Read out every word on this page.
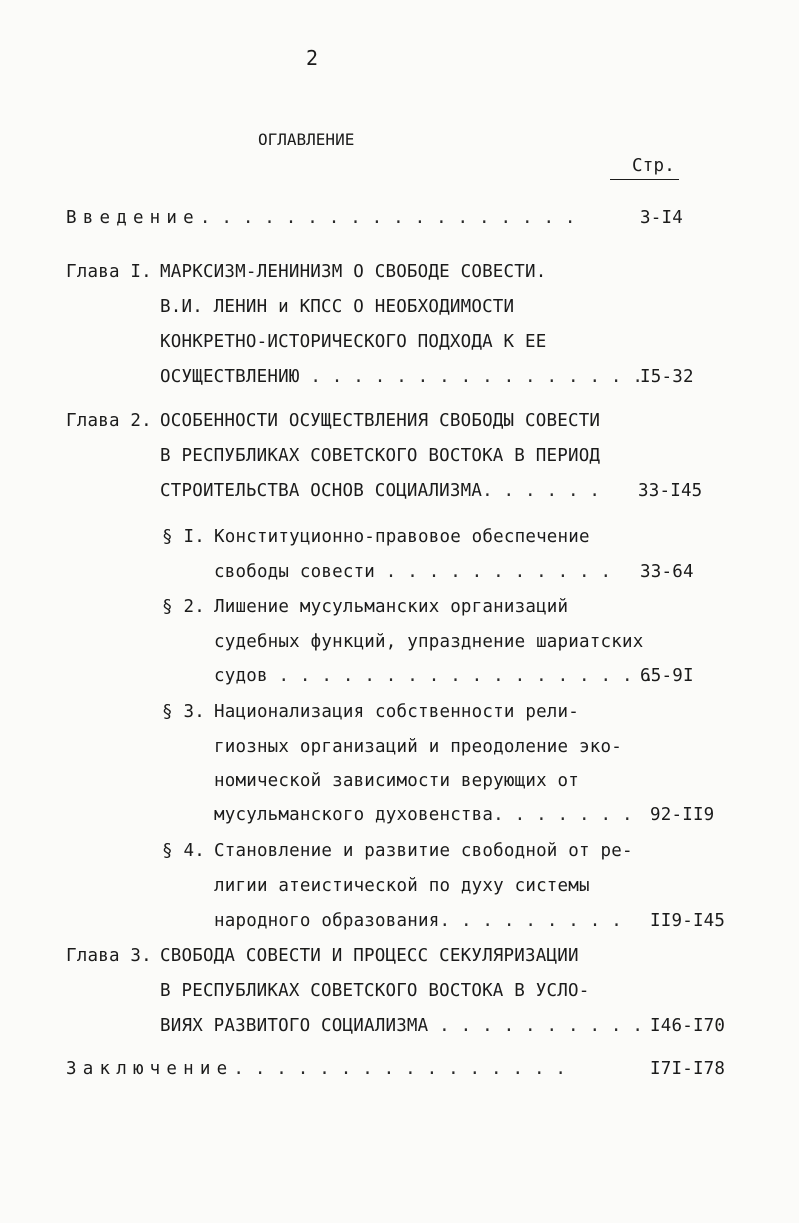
2
ОГЛАВЛЕНИЕ
Стр.
Введение. . . . . . . . . . . . . . . . . .	3-I4
Глава I. МАРКСИЗМ-ЛЕНИНИЗМ О СВОБОДЕ СОВЕСТИ.
В.И. ЛЕНИН и КПСС О НЕОБХОДИМОСТИ
КОНКРЕТНО-ИСТОРИЧЕСКОГО ПОДХОДА К ЕЕ
ОСУЩЕСТВЛЕНИЮ . . . . . . . . . . . . . . . .
I5-32
Глава 2. ОСОБЕННОСТИ ОСУЩЕСТВЛЕНИЯ СВОБОДЫ СОВЕСТИ
В РЕСПУБЛИКАХ СОВЕТСКОГО ВОСТОКА В ПЕРИОД
СТРОИТЕЛЬСТВА ОСНОВ СОЦИАЛИЗМА. . . . . . 33-I45
§ I. Конституционно-правовое обеспечение
свободы совести . . . . . . . . . . . 33-64
§ 2. Лишение мусульманских организаций
судебных функций, упразднение шариатских
судов . . . . . . . . . . . . . . . . . .
65-9I
§ 3. Национализация собственности рели-
гиозных организаций и преодоление эко-
номической зависимости верующих от
мусульманского духовенства. . . . . . . 92-II9
§ 4. Становление и развитие свободной от ре-
лигии атеистической по духу системы
народного образования. . . . . . . . . II9-I45
Глава 3. СВОБОДА СОВЕСТИ И ПРОЦЕСС СЕКУЛЯРИЗАЦИИ
В РЕСПУБЛИКАХ СОВЕТСКОГО ВОСТОКА В УСЛО-
ВИЯХ РАЗВИТОГО СОЦИАЛИЗМА . . . . . . . . . . I46-I70
Заключение. . . . . . . . . . . . . . . .	I7I-I78
